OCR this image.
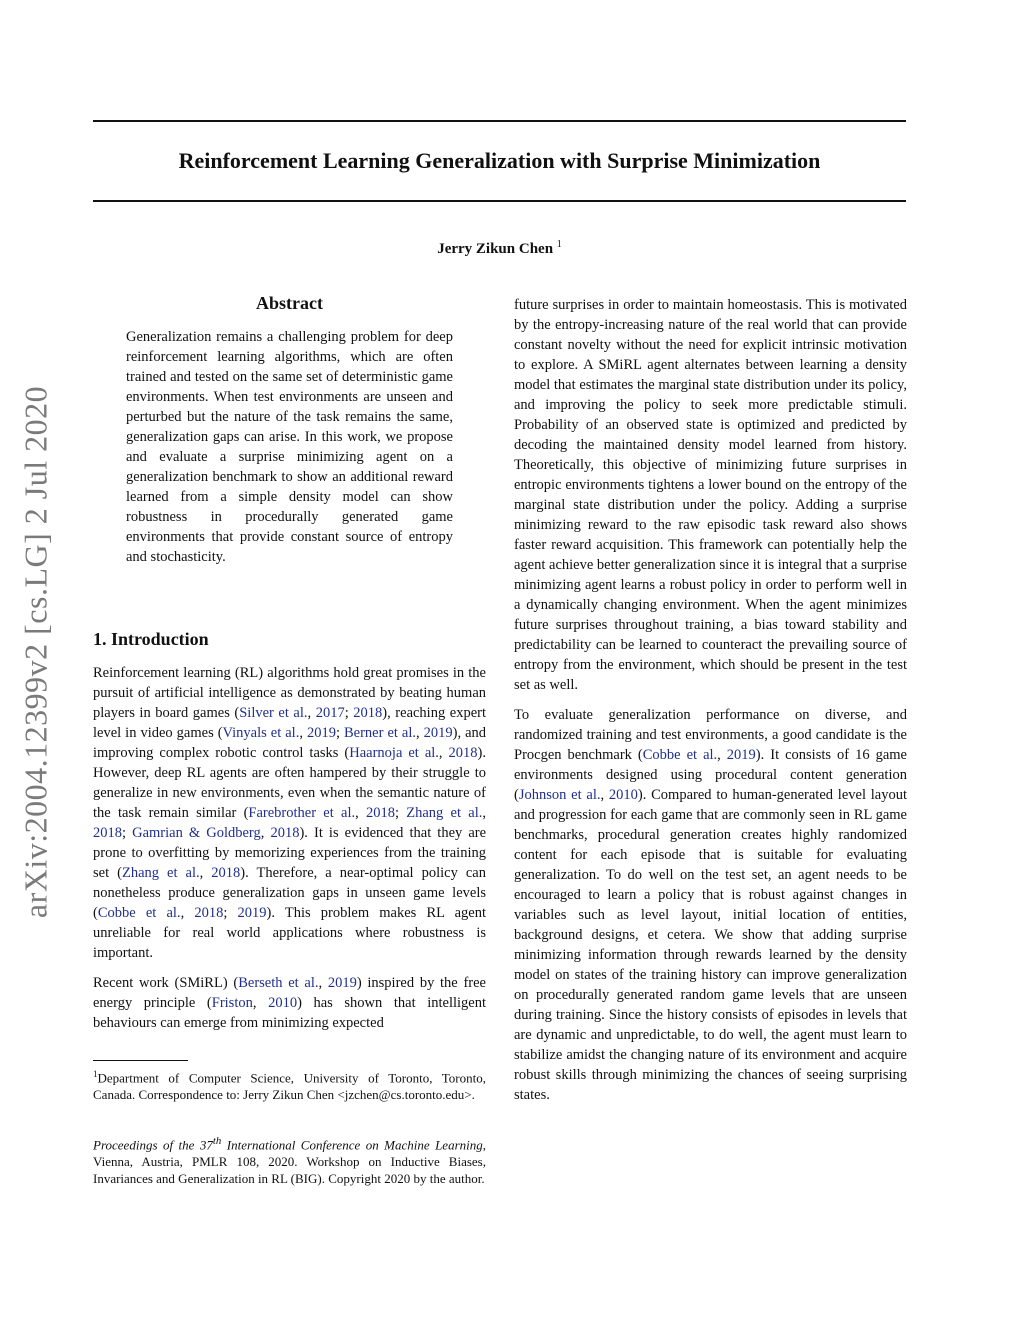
Reinforcement Learning Generalization with Surprise Minimization
Jerry Zikun Chen $^1$
arXiv:2004.12399v2 [cs.LG] 2 Jul 2020
Abstract
Generalization remains a challenging problem for deep reinforcement learning algorithms, which are often trained and tested on the same set of deterministic game environments. When test environments are unseen and perturbed but the nature of the task remains the same, generalization gaps can arise. In this work, we propose and evaluate a surprise minimizing agent on a generalization benchmark to show an additional reward learned from a simple density model can show robustness in procedurally generated game environments that provide constant source of entropy and stochasticity.
1. Introduction

Reinforcement learning (RL) algorithms hold great promises in the pursuit of artificial intelligence as demonstrated by beating human players in board games (Silver et al., 2017; 2018), reaching expert level in video games (Vinyals et al., 2019; Berner et al., 2019), and improving complex robotic control tasks (Haarnoja et al., 2018). However, deep RL agents are often hampered by their struggle to generalize in new environments, even when the semantic nature of the task remain similar (Farebrother et al., 2018; Zhang et al., 2018; Gamrian & Goldberg, 2018). It is evidenced that they are prone to overfitting by memorizing experiences from the training set (Zhang et al., 2018). Therefore, a near-optimal policy can nonetheless produce generalization gaps in unseen game levels (Cobbe et al., 2018; 2019). This problem makes RL agent unreliable for real world applications where robustness is important.

Recent work (SMiRL) (Berseth et al., 2019) inspired by the free energy principle (Friston, 2010) has shown that intelligent behaviours can emerge from minimizing expected

$^1$Department of Computer Science, University of Toronto, Toronto, Canada. Correspondence to: Jerry Zikun Chen <jzchen@cs.toronto.edu>.

Proceedings of the 37th International Conference on Machine Learning, Vienna, Austria, PMLR 108, 2020. Workshop on Inductive Biases, Invariances and Generalization in RL (BIG). Copyright 2020 by the author.

future surprises in order to maintain homeostasis. This is motivated by the entropy-increasing nature of the real world that can provide constant novelty without the need for explicit intrinsic motivation to explore. A SMiRL agent alternates between learning a density model that estimates the marginal state distribution under its policy, and improving the policy to seek more predictable stimuli. Probability of an observed state is optimized and predicted by decoding the maintained density model learned from history. Theoretically, this objective of minimizing future surprises in entropic environments tightens a lower bound on the entropy of the marginal state distribution under the policy. Adding a surprise minimizing reward to the raw episodic task reward also shows faster reward acquisition. This framework can potentially help the agent achieve better generalization since it is integral that a surprise minimizing agent learns a robust policy in order to perform well in a dynamically changing environment. When the agent minimizes future surprises throughout training, a bias toward stability and predictability can be learned to counteract the prevailing source of entropy from the environment, which should be present in the test set as well.

To evaluate generalization performance on diverse, and randomized training and test environments, a good candidate is the Procgen benchmark (Cobbe et al., 2019). It consists of 16 game environments designed using procedural content generation (Johnson et al., 2010). Compared to human-generated level layout and progression for each game that are commonly seen in RL game benchmarks, procedural generation creates highly randomized content for each episode that is suitable for evaluating generalization. To do well on the test set, an agent needs to be encouraged to learn a policy that is robust against changes in variables such as level layout, initial location of entities, background designs, et cetera. We show that adding surprise minimizing information through rewards learned by the density model on states of the training history can improve generalization on procedurally generated random game levels that are unseen during training. Since the history consists of episodes in levels that are dynamic and unpredictable, to do well, the agent must learn to stabilize amidst the changing nature of its environment and acquire robust skills through minimizing the chances of seeing surprising states.
